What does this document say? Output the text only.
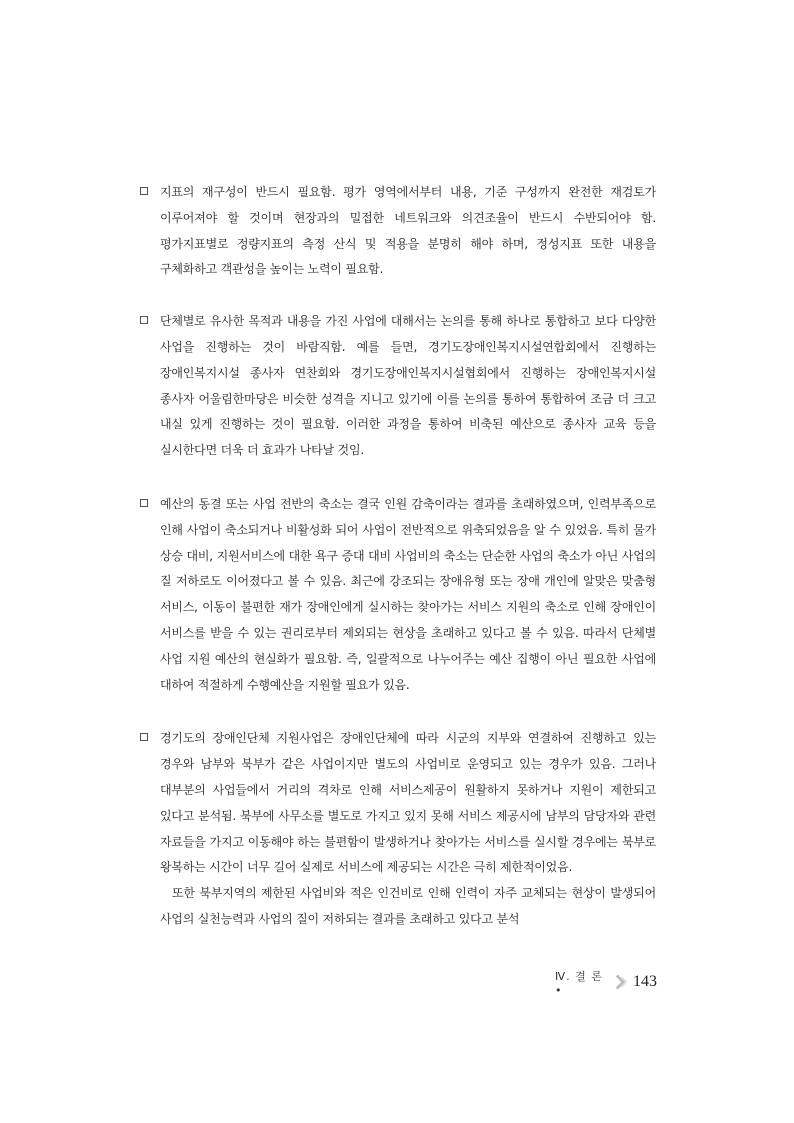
지표의 재구성이 반드시 필요함. 평가 영역에서부터 내용, 기준 구성까지 완전한 재검토가 이루어져야 할 것이며 현장과의 밀접한 네트워크와 의견조율이 반드시 수반되어야 함. 평가지표별로 정량지표의 측정 산식 및 적용을 분명히 해야 하며, 정성지표 또한 내용을 구체화하고 객관성을 높이는 노력이 필요함.

단체별로 유사한 목적과 내용을 가진 사업에 대해서는 논의를 통해 하나로 통합하고 보다 다양한 사업을 진행하는 것이 바람직함. 예를 들면, 경기도장애인복지시설연합회에서 진행하는 장애인복지시설 종사자 연찬회와 경기도장애인복지시설협회에서 진행하는 장애인복지시설 종사자 어울림한마당은 비슷한 성격을 지니고 있기에 이를 논의를 통하여 통합하여 조금 더 크고 내실 있게 진행하는 것이 필요함. 이러한 과정을 통하여 비축된 예산으로 종사자 교육 등을 실시한다면 더욱 더 효과가 나타날 것임.

예산의 동결 또는 사업 전반의 축소는 결국 인원 감축이라는 결과를 초래하였으며, 인력부족으로 인해 사업이 축소되거나 비활성화 되어 사업이 전반적으로 위축되었음을 알 수 있었음. 특히 물가 상승 대비, 지원서비스에 대한 욕구 증대 대비 사업비의 축소는 단순한 사업의 축소가 아닌 사업의 질 저하로도 이어졌다고 볼 수 있음. 최근에 강조되는 장애유형 또는 장애 개인에 알맞은 맞춤형 서비스, 이동이 불편한 재가 장애인에게 실시하는 찾아가는 서비스 지원의 축소로 인해 장애인이 서비스를 받을 수 있는 권리로부터 제외되는 현상을 초래하고 있다고 볼 수 있음. 따라서 단체별 사업 지원 예산의 현실화가 필요함. 즉, 일괄적으로 나누어주는 예산 집행이 아닌 필요한 사업에 대하여 적절하게 수행예산을 지원할 필요가 있음.

경기도의 장애인단체 지원사업은 장애인단체에 따라 시군의 지부와 연결하여 진행하고 있는 경우와 남부와 북부가 같은 사업이지만 별도의 사업비로 운영되고 있는 경우가 있음. 그러나 대부분의 사업들에서 거리의 격차로 인해 서비스제공이 원활하지 못하거나 지원이 제한되고 있다고 분석됨. 북부에 사무소를 별도로 가지고 있지 못해 서비스 제공시에 남부의 담당자와 관련 자료들을 가지고 이동해야 하는 불편함이 발생하거나 찾아가는 서비스를 실시할 경우에는 북부로 왕복하는 시간이 너무 길어 실제로 서비스에 제공되는 시간은 극히 제한적이었음.

또한 북부지역의 제한된 사업비와 적은 인건비로 인해 인력이 자주 교체되는 현상이 발생되어 사업의 실천능력과 사업의 질이 저하되는 결과를 초래하고 있다고 분석

Ⅳ. 결 론 •	143
